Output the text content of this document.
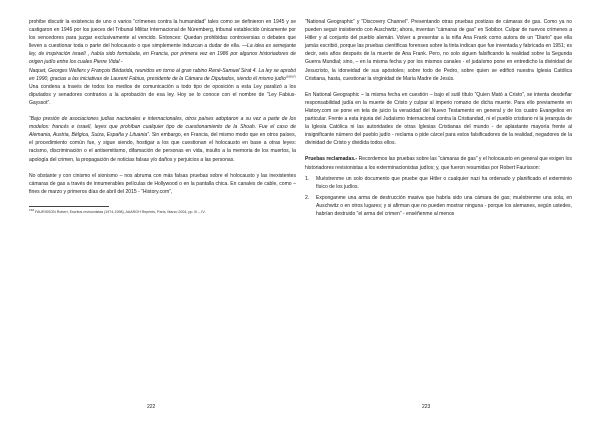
prohibe discutir la existencia de uno o varios “crímenes contra la humanidad” tales como se definieron en 1945 y se castigaron en 1946 por los jueces del Tribunal Militar Internacional de Núremberg, tribunal establecido únicamente por los vencedores para juzgar exclusivamente al vencido. Entonces: Quedan prohibidas controversias o debates que lleven a cuestionar toda o parte del holocausto o que simplemente induzcan a dudar de ella. —La idea es semejante ley, de inspiración israelí , había sido formulada, en Francia, por primera vez en 1986 por algunos historiadores de origen judío entre los cuales Pierre Vidal -

Naquet, Georges Wellers y François Bédarida, reunidos en torno al gran rabino René-Samuel Sirat 4. La ley se aprobó en 1990, gracias a las iniciativas de Laurent Fabius, presidente de la Cámara de Diputados, siendo él mismo judío$^{(168)(*)}$ Una condena a través de todos los medios de comunicación a todo tipo de oposición a esta Ley paralizó a los diputados y senadores contrarios a la aprobación de esa ley. Hoy se lo conoce con el nombre de “Ley Fabius-Gayssot”.

“Bajo presión de asociaciones judías nacionales e internacionales, otros países adoptaron a su vez a parte de los modelos: francés e israelí, leyes que prohíban cualquier tipo de cuestionamiento de la Shoah. Fue el caso de Alemania, Austria, Bélgica, Suiza, España y Lituania”. Sin embargo, en Francia, del mismo modo que en otros países, el procedimiento común fue, y sigue siendo, hostigar a los que cuestionan el holocausto en base a otras leyes: racismo, discriminación o el antisemitismo, difamación de personas en vida, insulto a la memoria de los muertos, la apología del crimen, la propagación de noticias falsas y/o daños y perjuicios a las personas.

No obstante y con cinismo el sionismo – nos abruma con más falsas pruebas sobre el holocausto y las inexistentes cámaras de gas a través de innumerables películas de Hollywood o en la pantalla chica. En canales de cable, como – fines de marzo y primeros días de abril del 2015 - “History.com”,

$^{168}$ FAURISSON Robert, Escritos revisionistas (1974-1998), AAARGH Reprints, París, Marzo 2004, pp. III – IV.
222

“National Geographic” y “Discovery Channel”. Presentando otras pruebas postizas de cámaras de gas. Como ya no pueden seguir insistiendo con Auschwitz; ahora, inventan “cámaras de gas” en Sobibor. Culpar de nuevos crímenes a Hitler y al conjunto del pueblo alemán. Volver a presentar a la niña Ana Frank como autora de un “Diario” que ella jamás escribió, porque las pruebas científicas forenses sobre la tinta indican que fue inventada y fabricada en 1951; es decir, seis años después de la muerte de Ana Frank. Pero, no solo siguen falsificando la realidad sobre la Segunda Guerra Mundial; sino, – en la misma fecha y por los mismos canales - el judaísmo pone en entredicho la divinidad de Jesucristo, la idoneidad de sus apóstoles; sobre todo de Pedro, sobre quien se edificó nuestra Iglesia Católica Cristiana, hasta, cuestionar la virginidad de María Madre de Jesús.

En National Geographic – la misma fecha en cuestión – bajo el sutil título “Quien Mató a Cristo”, se intenta desdeñar responsabilidad judía en la muerte de Cristo y culpar al imperio romano de dicha muerte. Para ello previamente en History.com se pone en tela de juicio la veracidad del Nuevo Testamento en general y de los cuatro Evangelios en particular. Frente a esta injuria del Judaísmo Internacional contra la Cristiandad, ni el pueblo cristiano ni la jerarquía de la Iglesia Católica ni las autoridades de otras Iglesias Cristianas del mundo - de aplastante mayoría frente al insignificante número del pueblo judío - reclama o pide cárcel para estos falsificadores de la realidad, negadores de la divinidad de Cristo y dividida todos ellos.

Pruebas reclamadas.- Recordemos las pruebas sobre las “cámaras de gas” y el holocausto en general que exigen los historiadores revisionistas a los exterminacionistas judíos; y, que fueron resumidas por Robert Faurisson:

1. Muéstrenme un solo documento que pruebe que Hitler o cualquier nazi ha ordenado y planificado el exterminio físico de los judíos.
2. Exponganme una arma de destrucción masiva que habría sido una cámara de gas; muéstrenme una sola, en Auschwitz o en otros lugares; y si afirman que no pueden mostrar ninguna - porque los alemanes, según ustedes, habrían destruido “el arma del crimen” - enséñenme al menos
223
